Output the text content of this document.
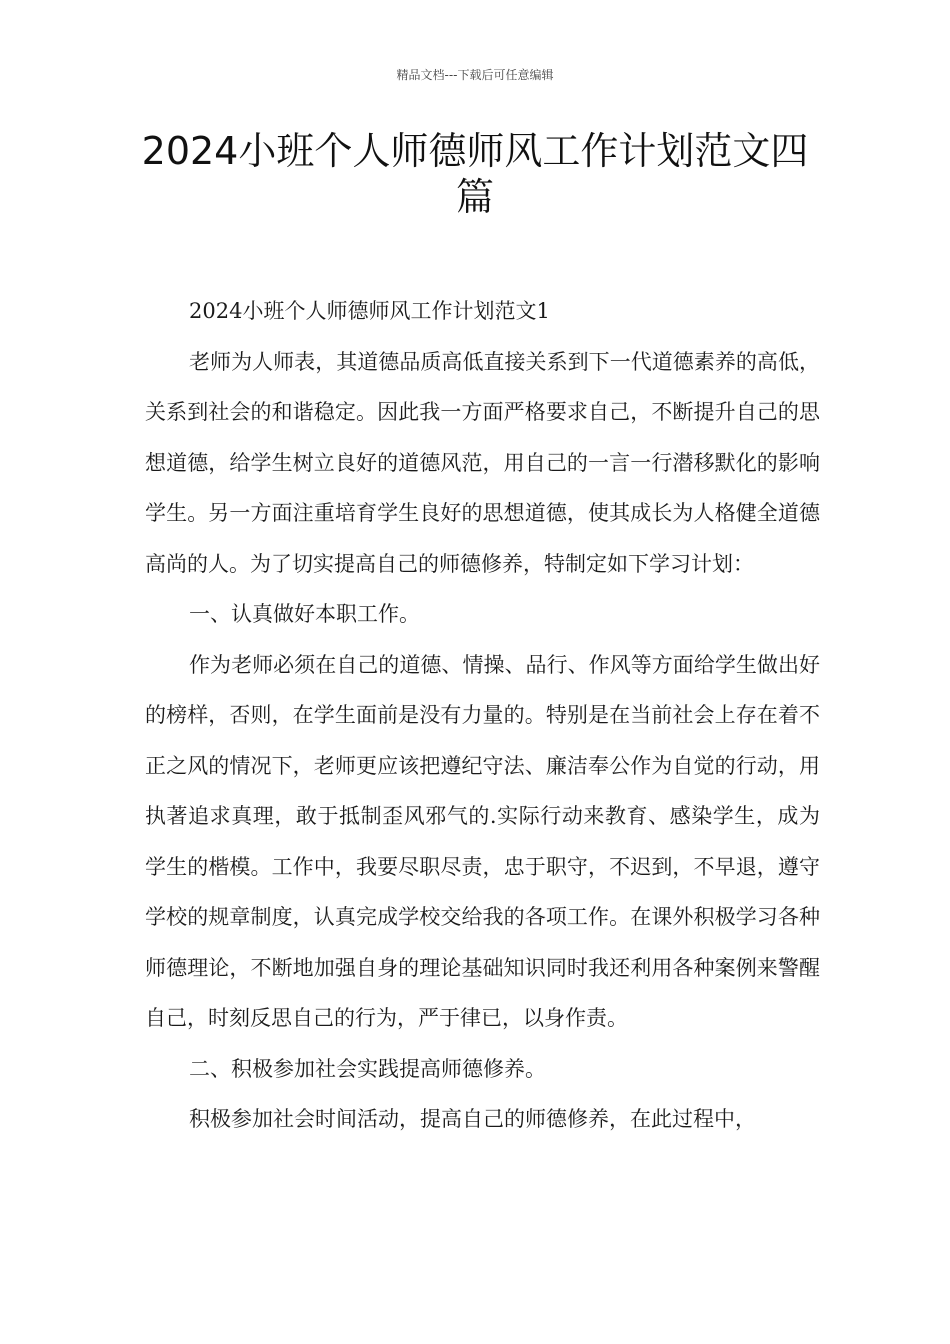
精品文档---下载后可任意编辑
2024小班个人师德师风工作计划范文四篇

2024小班个人师德师风工作计划范文1

老师为人师表，其道德品质高低直接关系到下一代道德素养的高低，关系到社会的和谐稳定。因此我一方面严格要求自己，不断提升自己的思想道德，给学生树立良好的道德风范，用自己的一言一行潜移默化的影响学生。另一方面注重培育学生良好的思想道德，使其成长为人格健全道德高尚的人。为了切实提高自己的师德修养，特制定如下学习计划：

一、认真做好本职工作。

作为老师必须在自己的道德、情操、品行、作风等方面给学生做出好的榜样，否则，在学生面前是没有力量的。特别是在当前社会上存在着不正之风的情况下，老师更应该把遵纪守法、廉洁奉公作为自觉的行动，用执著追求真理，敢于抵制歪风邪气的.实际行动来教育、感染学生，成为学生的楷模。工作中，我要尽职尽责，忠于职守，不迟到，不早退，遵守学校的规章制度，认真完成学校交给我的各项工作。在课外积极学习各种师德理论，不断地加强自身的理论基础知识同时我还利用各种案例来警醒自己，时刻反思自己的行为，严于律已，以身作责。

二、积极参加社会实践提高师德修养。

积极参加社会时间活动，提高自己的师德修养，在此过程中，
